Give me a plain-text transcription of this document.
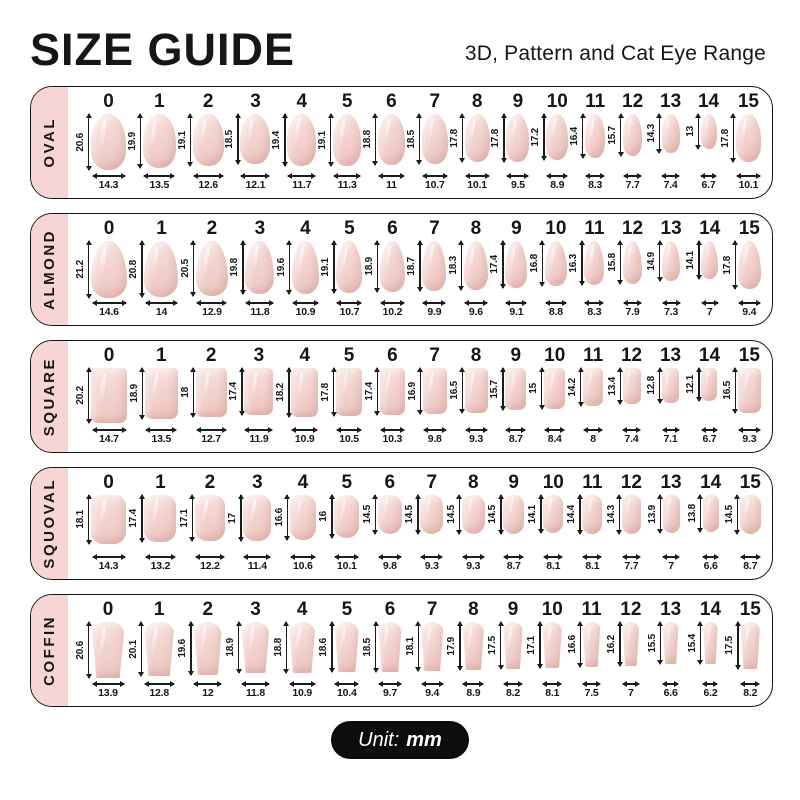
SIZE GUIDE	3D, Pattern and Cat Eye Range
OVAL
0
20.6
14.3
1
19.9
13.5
2
19.1
12.6
3
18.5
12.1
4
19.4
11.7
5
19.1
11.3
6
18.8
11
7
18.5
10.7
8
17.8
10.1
9
17.8
9.5
10
17.2
8.9
11
16.4
8.3
12
15.7
7.7
13
14.3
7.4
14
13
6.7
15
17.8
10.1
ALMOND
0
21.2
14.6
1
20.8
14
2
20.5
12.9
3
19.8
11.8
4
19.6
10.9
5
19.1
10.7
6
18.9
10.2
7
18.7
9.9
8
18.3
9.6
9
17.4
9.1
10
16.8
8.8
11
16.3
8.3
12
15.8
7.9
13
14.9
7.3
14
14.1
7
15
17.8
9.4
SQUARE
0
20.2
14.7
1
18.9
13.5
2
18
12.7
3
17.4
11.9
4
18.2
10.9
5
17.8
10.5
6
17.4
10.3
7
16.9
9.8
8
16.5
9.3
9
15.7
8.7
10
15
8.4
11
14.2
8
12
13.4
7.4
13
12.8
7.1
14
12.1
6.7
15
16.5
9.3
SQUOVAL 0
18.1
14.3
1
17.4
13.2
2
17.1
12.2
3
17
11.4
4
16.6
10.6
5
16
10.1
6
14.5
9.8
7
14.5
9.3
8
14.5
9.3
9
14.5
8.7
10
14.1
8.1
11
14.4
8.1
12
14.3
7.7
13
13.9
7
14
13.8
6.6
15
14.5
8.7
COFFIN
0
20.6
13.9
1
20.1
12.8
2
19.6
12
3
18.9
11.8
4
18.8
10.9
5
18.6
10.4
6
18.5
9.7
7
18.1
9.4
8
17.9
8.9
9
17.5
8.2
10
17.1
8.1
11
16.6
7.5
12
16.2
7
13
15.5
6.6
14
15.4
6.2
15
17.5
8.2
Unit: mm
